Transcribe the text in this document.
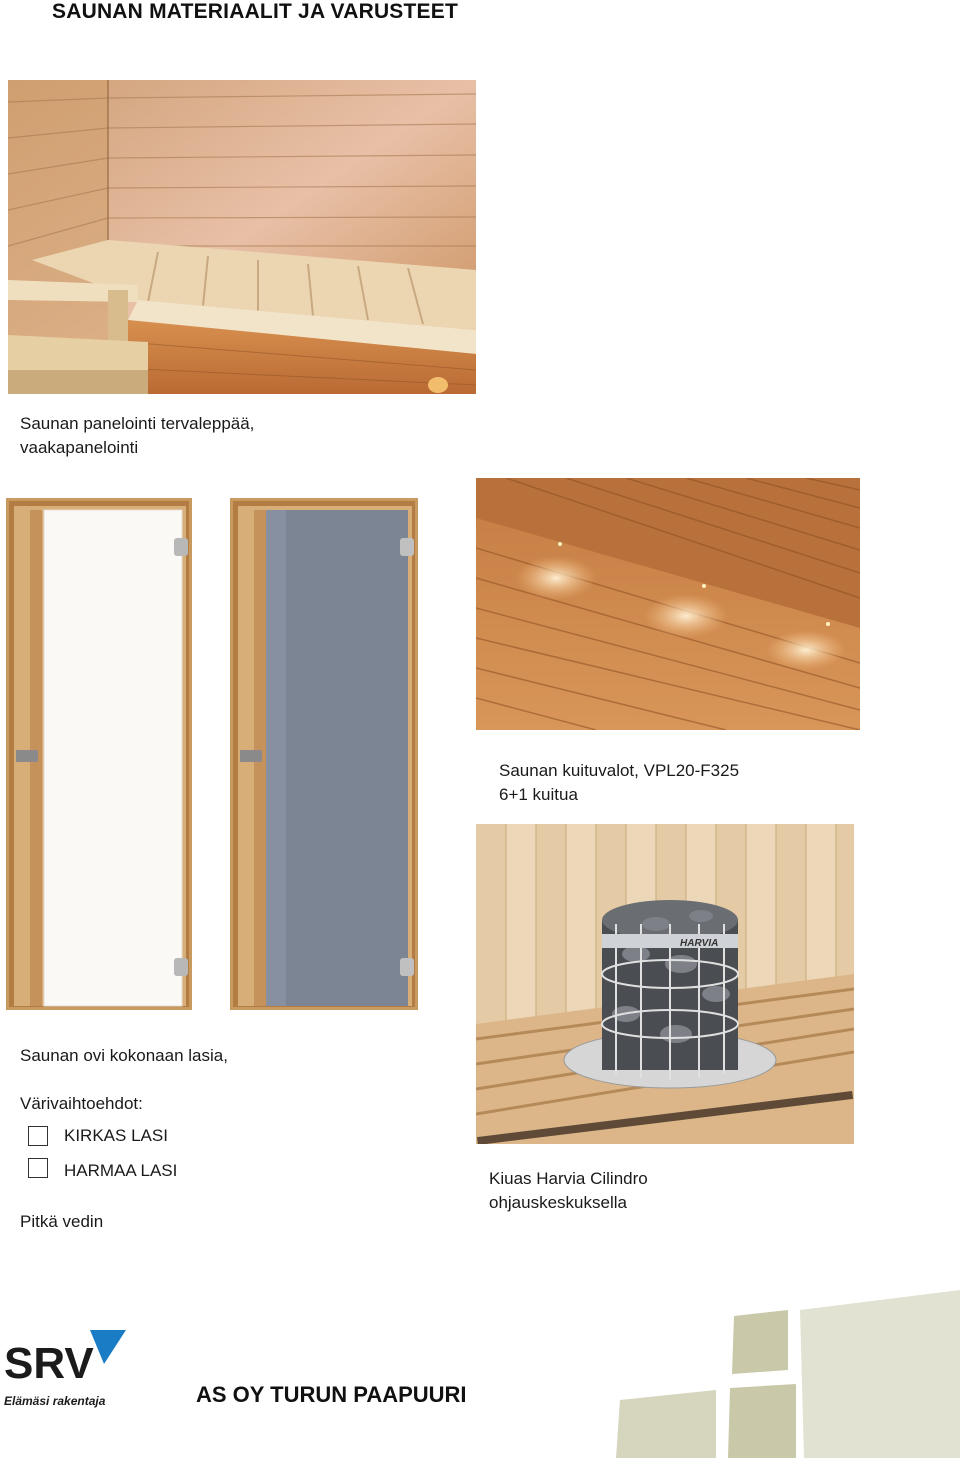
SAUNAN MATERIAALIT JA VARUSTEET
Saunan panelointi tervaleppää,
vaakapanelointi
Saunan kuituvalot, VPL20-F325
6+1 kuitua
HARVIA
Saunan ovi kokonaan lasia,
Värivaihtoehdot:
KIRKAS LASI
HARMAA LASI
Pitkä vedin
Kiuas Harvia Cilindro
ohjauskeskuksella
SRV
Elämäsi rakentaja	AS OY TURUN PAAPUURI
